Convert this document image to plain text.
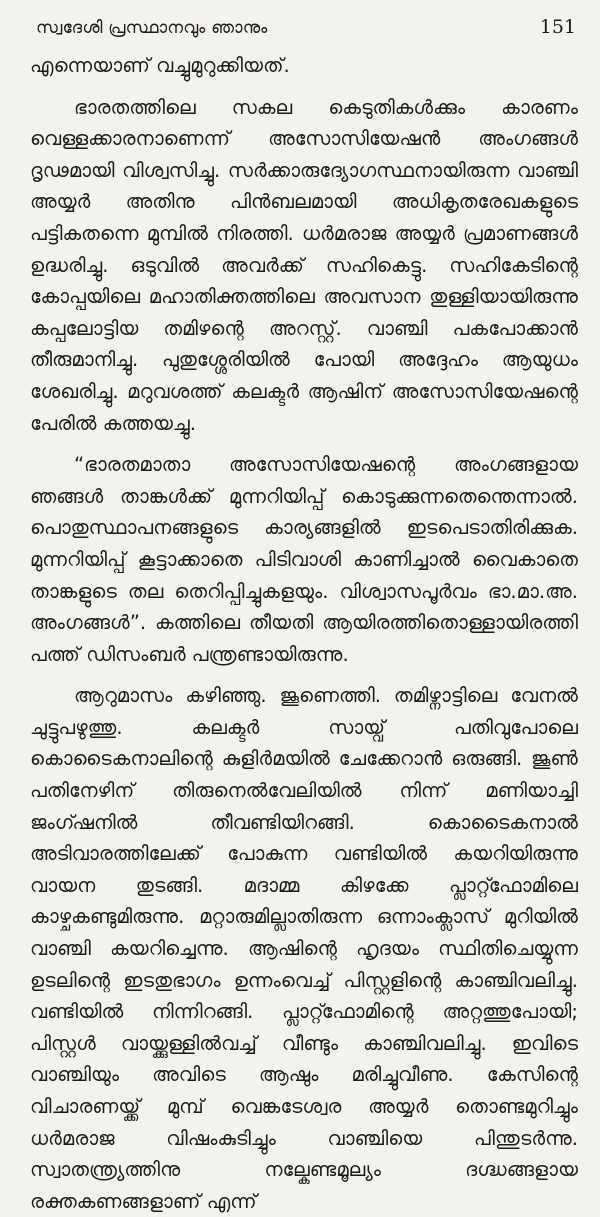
സ്വദേശി പ്രസ്ഥാനവും ഞാനും	151

എന്നെയാണ് വച്ചുമുറുക്കിയത്.

ഭാരതത്തിലെ സകല കെടുതികൾക്കും കാരണം വെള്ളക്കാരനാണെന്ന് അസോസിയേഷൻ അംഗങ്ങൾ ദൃഢമായി വിശ്വസിച്ചു. സർക്കാരുദ്യോഗസ്ഥനായിരുന്ന വാഞ്ചി അയ്യർ അതിനു പിൻബലമായി അധികൃതരേഖകളുടെ പട്ടികതന്നെ മുമ്പിൽ നിരത്തി. ധർമരാജ അയ്യർ പ്രമാണങ്ങൾ ഉദ്ധരിച്ചു. ഒടുവിൽ അവർക്ക് സഹികെട്ടു. സഹികേടിന്റെ കോപ്പയിലെ മഹാതിക്തത്തിലെ അവസാന തുള്ളിയായിരുന്നു കപ്പലോട്ടിയ തമിഴന്റെ അറസ്റ്റ്. വാഞ്ചി പകപോക്കാൻ തീരുമാനിച്ചു. പുതുശ്ശേരിയിൽ പോയി അദ്ദേഹം ആയുധം ശേഖരിച്ചു. മറുവശത്ത് കലക്ടർ ആഷിന് അസോസിയേഷന്റെ പേരിൽ കത്തയച്ചു.

“ഭാരതമാതാ അസോസിയേഷന്റെ അംഗങ്ങളായ ഞങ്ങൾ താങ്കൾക്ക് മുന്നറിയിപ്പ് കൊടുക്കുന്നതെന്തെന്നാൽ. പൊതുസ്ഥാപനങ്ങളുടെ കാര്യങ്ങളിൽ ഇടപെടാതിരിക്കുക. മുന്നറിയിപ്പ് കൂട്ടാക്കാതെ പിടിവാശി കാണിച്ചാൽ വൈകാതെ താങ്കളുടെ തല തെറിപ്പിച്ചുകളയും. വിശ്വാസപൂർവം ഭാ.മാ.അ. അംഗങ്ങൾ”. കത്തിലെ തീയതി ആയിരത്തിതൊള്ളായിരത്തി പത്ത് ഡിസംബർ പന്ത്രണ്ടായിരുന്നു.

ആറുമാസം കഴിഞ്ഞു. ജൂണെത്തി. തമിഴ്നാട്ടിലെ വേനൽ ചുട്ടുപഴുത്തു. കലക്ടർ സായ്വ് പതിവുപോലെ കൊടൈകനാലിന്റെ കുളിർമയിൽ ചേക്കേറാൻ ഒരുങ്ങി. ജൂൺ പതിനേഴിന് തിരുനെൽവേലിയിൽ നിന്ന് മണിയാച്ചി ജംഗ്ഷനിൽ തീവണ്ടിയിറങ്ങി. കൊടൈകനാൽ അടിവാരത്തിലേക്ക് പോകുന്ന വണ്ടിയിൽ കയറിയിരുന്നു വായന തുടങ്ങി. മദാമ്മ കിഴക്കേ പ്ലാറ്റ്ഫോമിലെ കാഴ്ചകണ്ടുമിരുന്നു. മറ്റാരുമില്ലാതിരുന്ന ഒന്നാംക്ലാസ് മുറിയിൽ വാഞ്ചി കയറിച്ചെന്നു. ആഷിന്റെ ഹൃദയം സ്ഥിതിചെയ്യുന്ന ഉടലിന്റെ ഇടതുഭാഗം ഉന്നംവെച്ച് പിസ്റ്റളിന്റെ കാഞ്ചിവലിച്ചു. വണ്ടിയിൽ നിന്നിറങ്ങി. പ്ലാറ്റ്ഫോമിന്റെ അറ്റത്തുപോയി; പിസ്റ്റൾ വായ്ക്കുള്ളിൽവച്ച് വീണ്ടും കാഞ്ചിവലിച്ചു. ഇവിടെ വാഞ്ചിയും അവിടെ ആഷും മരിച്ചുവീണു. കേസിന്റെ വിചാരണയ്ക്ക് മുമ്പ് വെങ്കടേശ്വര അയ്യർ തൊണ്ടമുറിച്ചും ധർമരാജ വിഷംകുടിച്ചും വാഞ്ചിയെ പിന്തുടർന്നു. സ്വാതന്ത്ര്യത്തിനു നല്കേണ്ടമൂല്യം ദഗ്ദ്ധങ്ങളായ രക്തകണങ്ങളാണ് എന്ന്
